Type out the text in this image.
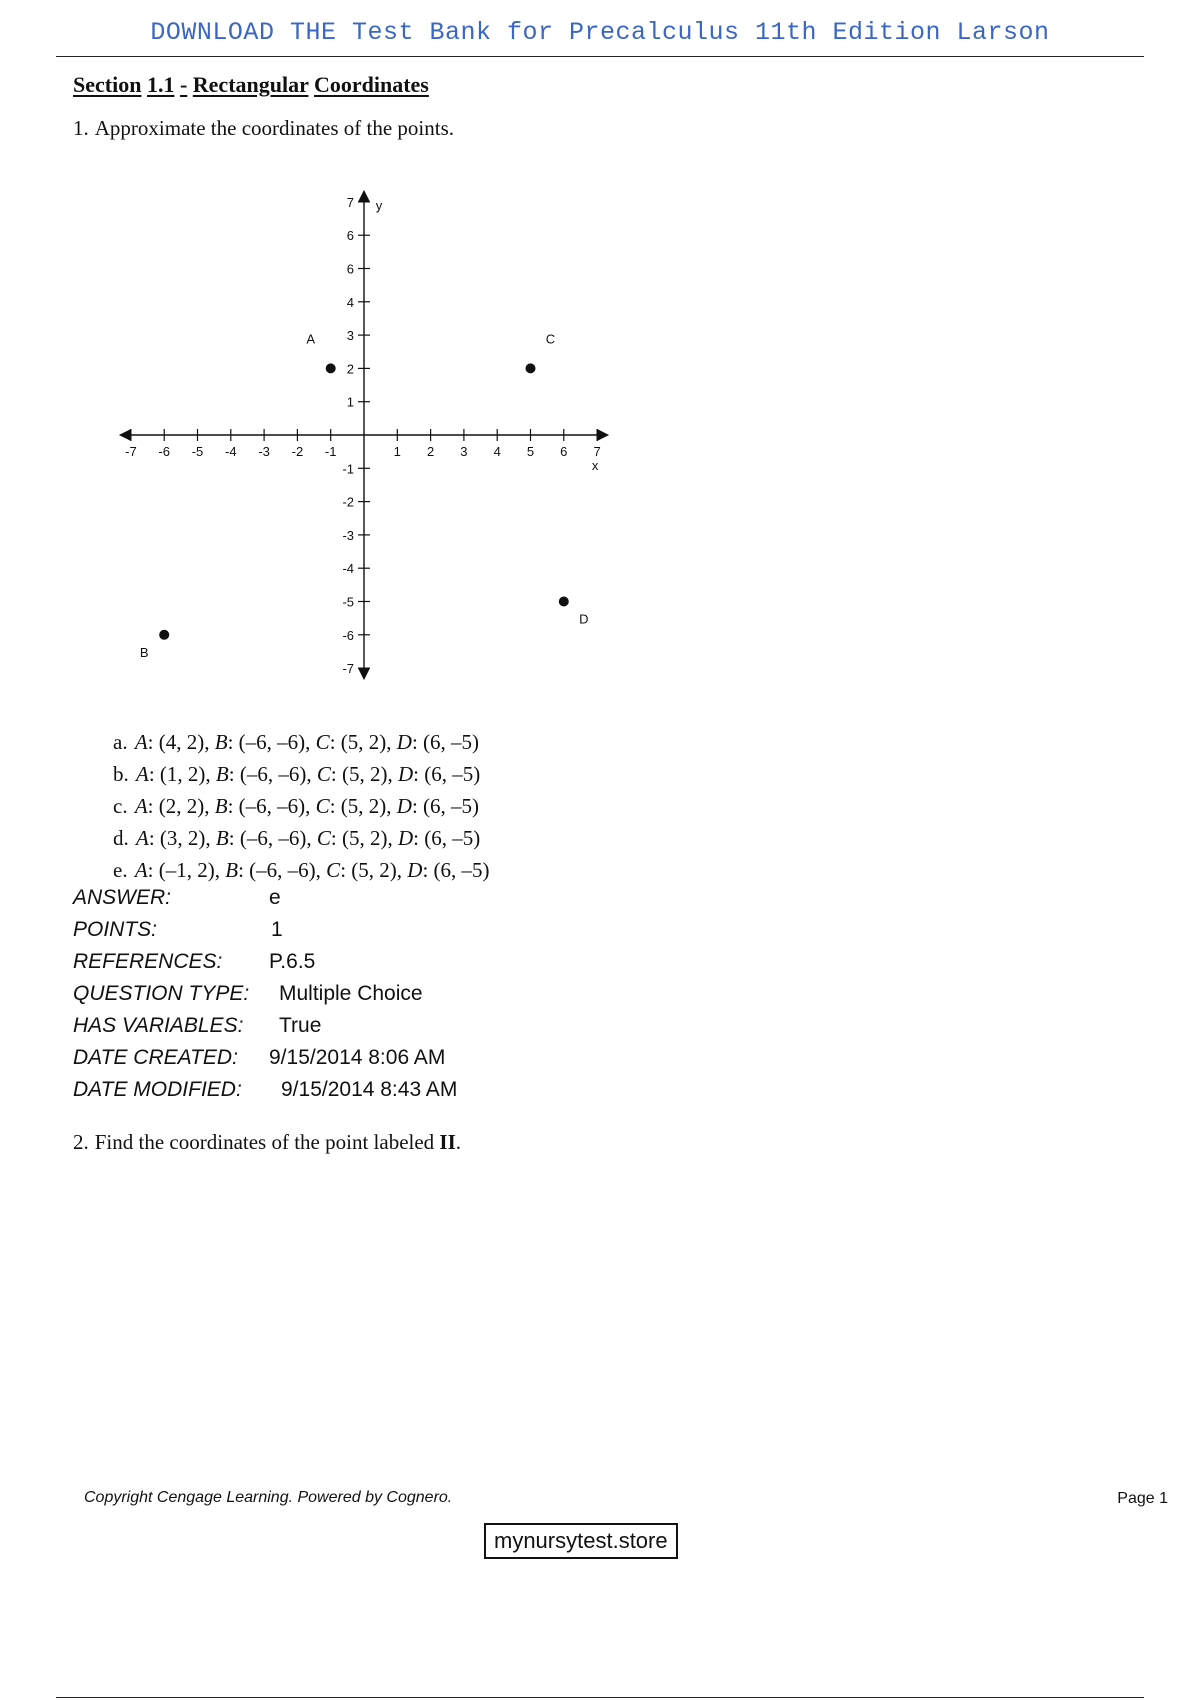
DOWNLOAD THE Test Bank for Precalculus 11th Edition Larson
Section 1.1 - Rectangular Coordinates
1. Approximate the coordinates of the points.
-7 -6 -5 -4 -3 -2 -1	1 2 3 4 5 6 7
7
6
6
4
3
2
1
-1
-2
-3
-4
-5
-6
-7
x
y
A
B
C
D
a. A: (4, 2), B: (–6, –6), C: (5, 2), D: (6, –5)
b. A: (1, 2), B: (–6, –6), C: (5, 2), D: (6, –5)
c. A: (2, 2), B: (–6, –6), C: (5, 2), D: (6, –5)
d. A: (3, 2), B: (–6, –6), C: (5, 2), D: (6, –5)
e. A: (–1, 2), B: (–6, –6), C: (5, 2), D: (6, –5)
ANSWER:	e
POINTS:	1
REFERENCES: P.6.5
QUESTION TYPE: Multiple Choice
HAS VARIABLES: True
DATE CREATED: 9/15/2014 8:06 AM
DATE MODIFIED: 9/15/2014 8:43 AM
2. Find the coordinates of the point labeled II.
Copyright Cengage Learning. Powered by Cognero.	Page 1
mynursytest.store
